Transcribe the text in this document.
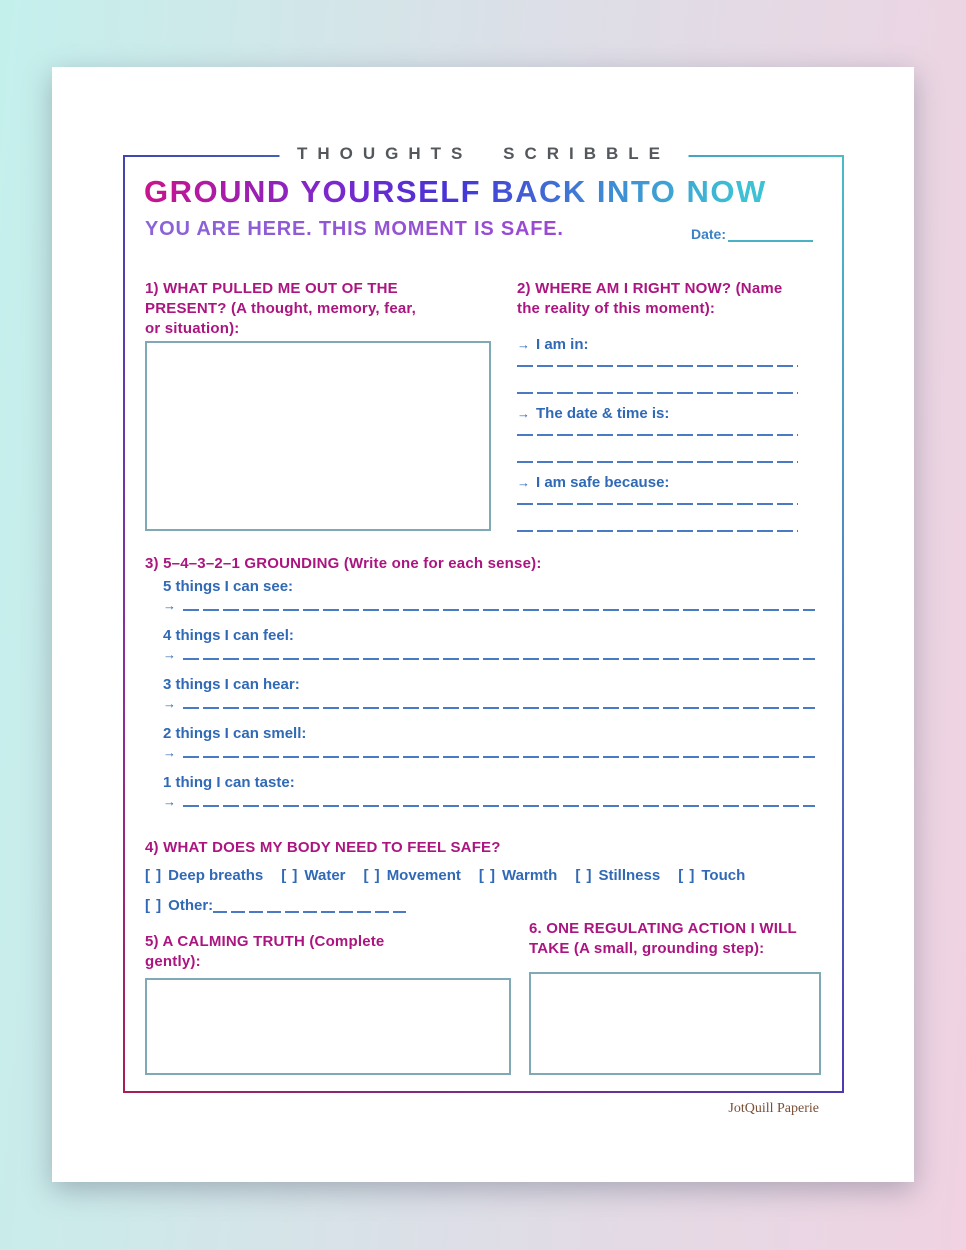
THOUGHTS SCRIBBLE
GROUND YOURSELF BACK INTO NOW
YOU ARE HERE. THIS MOMENT IS SAFE.	Date:
1) WHAT PULLED ME OUT OF THE
PRESENT? (A thought, memory, fear,
or situation):
2) WHERE AM I RIGHT NOW? (Name
the reality of this moment):
→ I am in:
→ The date & time is:
→ I am safe because:
3) 5–4–3–2–1 GROUNDING (Write one for each sense):
5 things I can see:
→
4 things I can feel:
→
3 things I can hear:
→
2 things I can smell:
→
1 thing I can taste:
→
4) WHAT DOES MY BODY NEED TO FEEL SAFE?
[ ] Deep breaths [ ] Water [ ] Movement [ ] Warmth [ ] Stillness [ ] Touch
[ ] Other:
5) A CALMING TRUTH (Complete
gently):
6. ONE REGULATING ACTION I WILL
TAKE (A small, grounding step):
JotQuill Paperie
